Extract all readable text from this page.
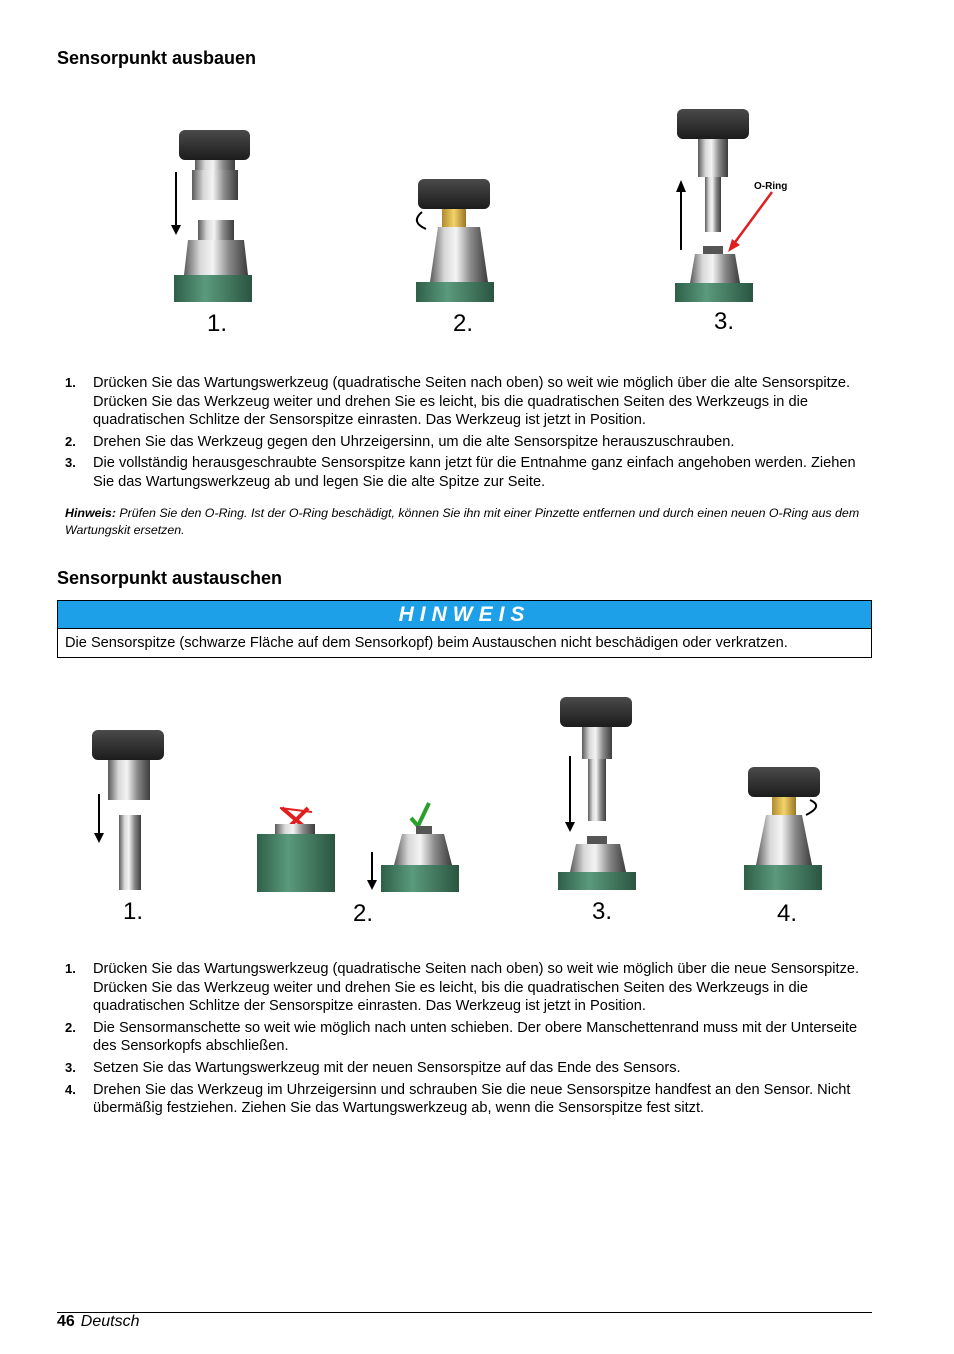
Sensorpunkt ausbauen
O-Ring
1.	2.	3.
1. Drücken Sie das Wartungswerkzeug (quadratische Seiten nach oben) so weit wie möglich über die alte Sensorspitze. Drücken Sie das Werkzeug weiter und drehen Sie es leicht, bis die quadratischen Seiten des Werkzeugs in die quadratischen Schlitze der Sensorspitze einrasten. Das Werkzeug ist jetzt in Position.
2. Drehen Sie das Werkzeug gegen den Uhrzeigersinn, um die alte Sensorspitze herauszuschrauben.
3. Die vollständig herausgeschraubte Sensorspitze kann jetzt für die Entnahme ganz einfach angehoben werden. Ziehen Sie das Wartungswerkzeug ab und legen Sie die alte Spitze zur Seite.
Hinweis: Prüfen Sie den O-Ring. Ist der O-Ring beschädigt, können Sie ihn mit einer Pinzette entfernen und durch einen neuen O-Ring aus dem Wartungskit ersetzen.
Sensorpunkt austauschen
HINWEIS
Die Sensorspitze (schwarze Fläche auf dem Sensorkopf) beim Austauschen nicht beschädigen oder verkratzen.
1.	2.	3.	4.
1. Drücken Sie das Wartungswerkzeug (quadratische Seiten nach oben) so weit wie möglich über die neue Sensorspitze. Drücken Sie das Werkzeug weiter und drehen Sie es leicht, bis die quadratischen Seiten des Werkzeugs in die quadratischen Schlitze der Sensorspitze einrasten. Das Werkzeug ist jetzt in Position.
2. Die Sensormanschette so weit wie möglich nach unten schieben. Der obere Manschettenrand muss mit der Unterseite des Sensorkopfs abschließen.
3. Setzen Sie das Wartungswerkzeug mit der neuen Sensorspitze auf das Ende des Sensors.
4. Drehen Sie das Werkzeug im Uhrzeigersinn und schrauben Sie die neue Sensorspitze handfest an den Sensor. Nicht übermäßig festziehen. Ziehen Sie das Wartungswerkzeug ab, wenn die Sensorspitze fest sitzt.
46 Deutsch
